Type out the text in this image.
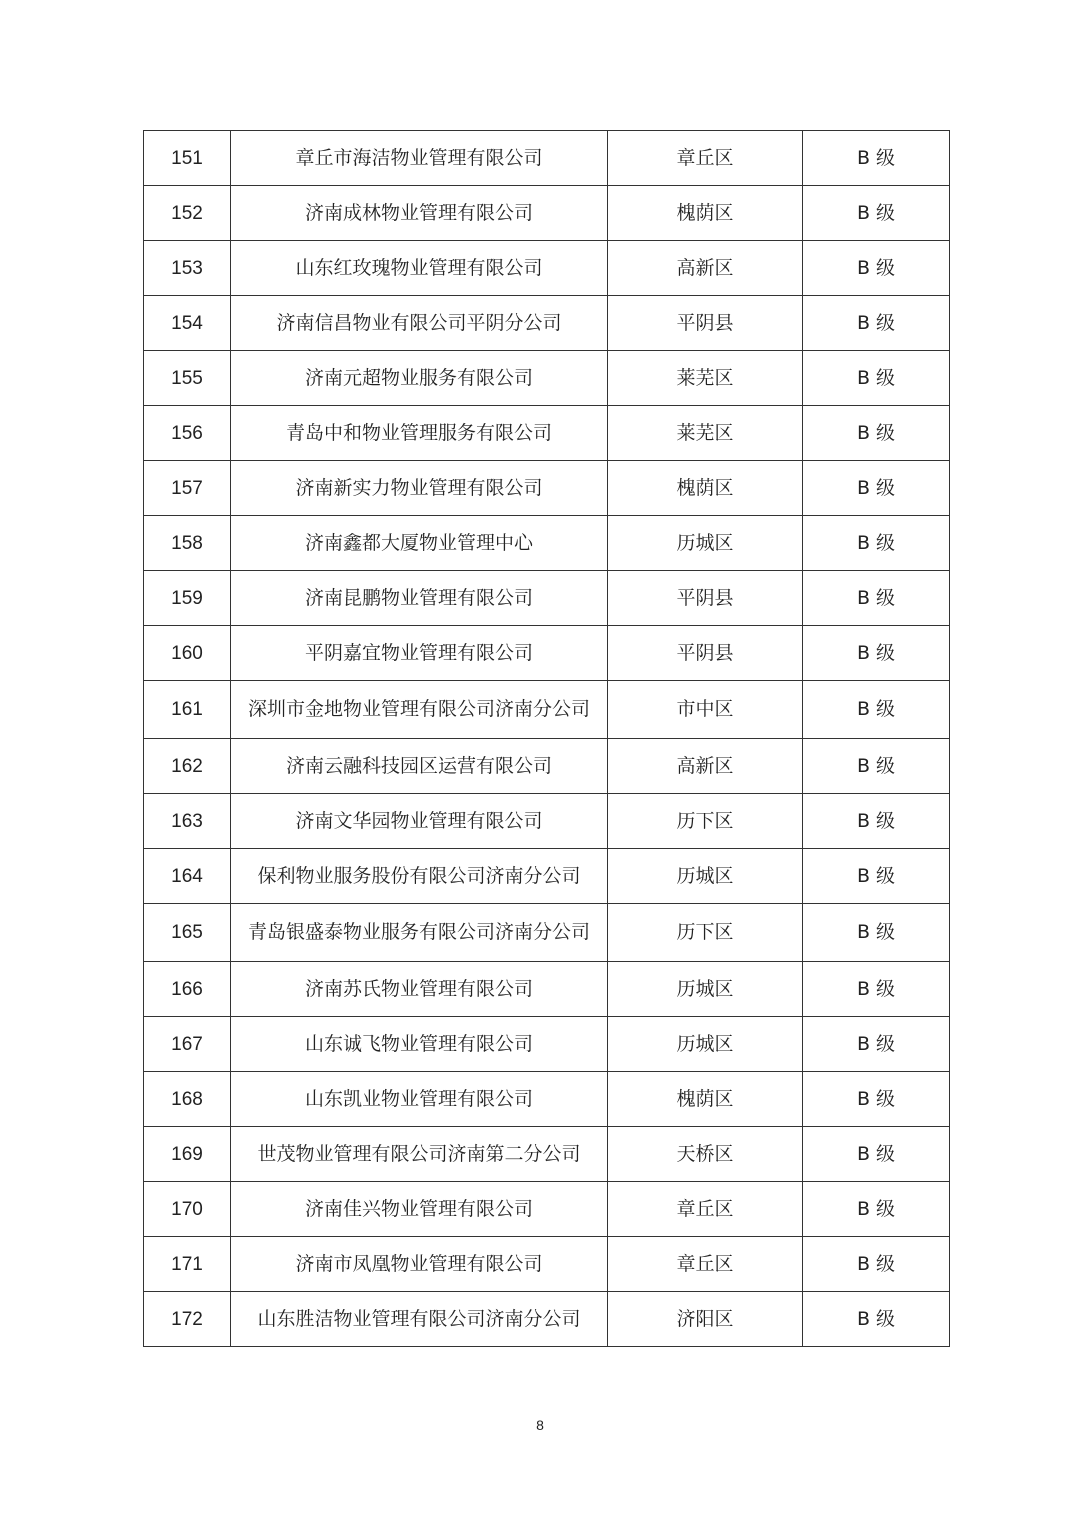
151	章丘市海洁物业管理有限公司	章丘区	B 级
152	济南成林物业管理有限公司	槐荫区	B 级
153	山东红玫瑰物业管理有限公司	高新区	B 级
154	济南信昌物业有限公司平阴分公司	平阴县	B 级
155	济南元超物业服务有限公司	莱芜区	B 级
156	青岛中和物业管理服务有限公司	莱芜区	B 级
157	济南新实力物业管理有限公司	槐荫区	B 级
158	济南鑫都大厦物业管理中心	历城区	B 级
159	济南昆鹏物业管理有限公司	平阴县	B 级
160	平阴嘉宜物业管理有限公司	平阴县	B 级
161	深圳市金地物业管理有限公司济南分公司	市中区	B 级
162	济南云融科技园区运营有限公司	高新区	B 级
163	济南文华园物业管理有限公司	历下区	B 级
164	保利物业服务股份有限公司济南分公司	历城区	B 级
165	青岛银盛泰物业服务有限公司济南分公司	历下区	B 级
166	济南苏氏物业管理有限公司	历城区	B 级
167	山东诚飞物业管理有限公司	历城区	B 级
168	山东凯业物业管理有限公司	槐荫区	B 级
169	世茂物业管理有限公司济南第二分公司	天桥区	B 级
170	济南佳兴物业管理有限公司	章丘区	B 级
171	济南市凤凰物业管理有限公司	章丘区	B 级
172	山东胜洁物业管理有限公司济南分公司	济阳区	B 级
8
